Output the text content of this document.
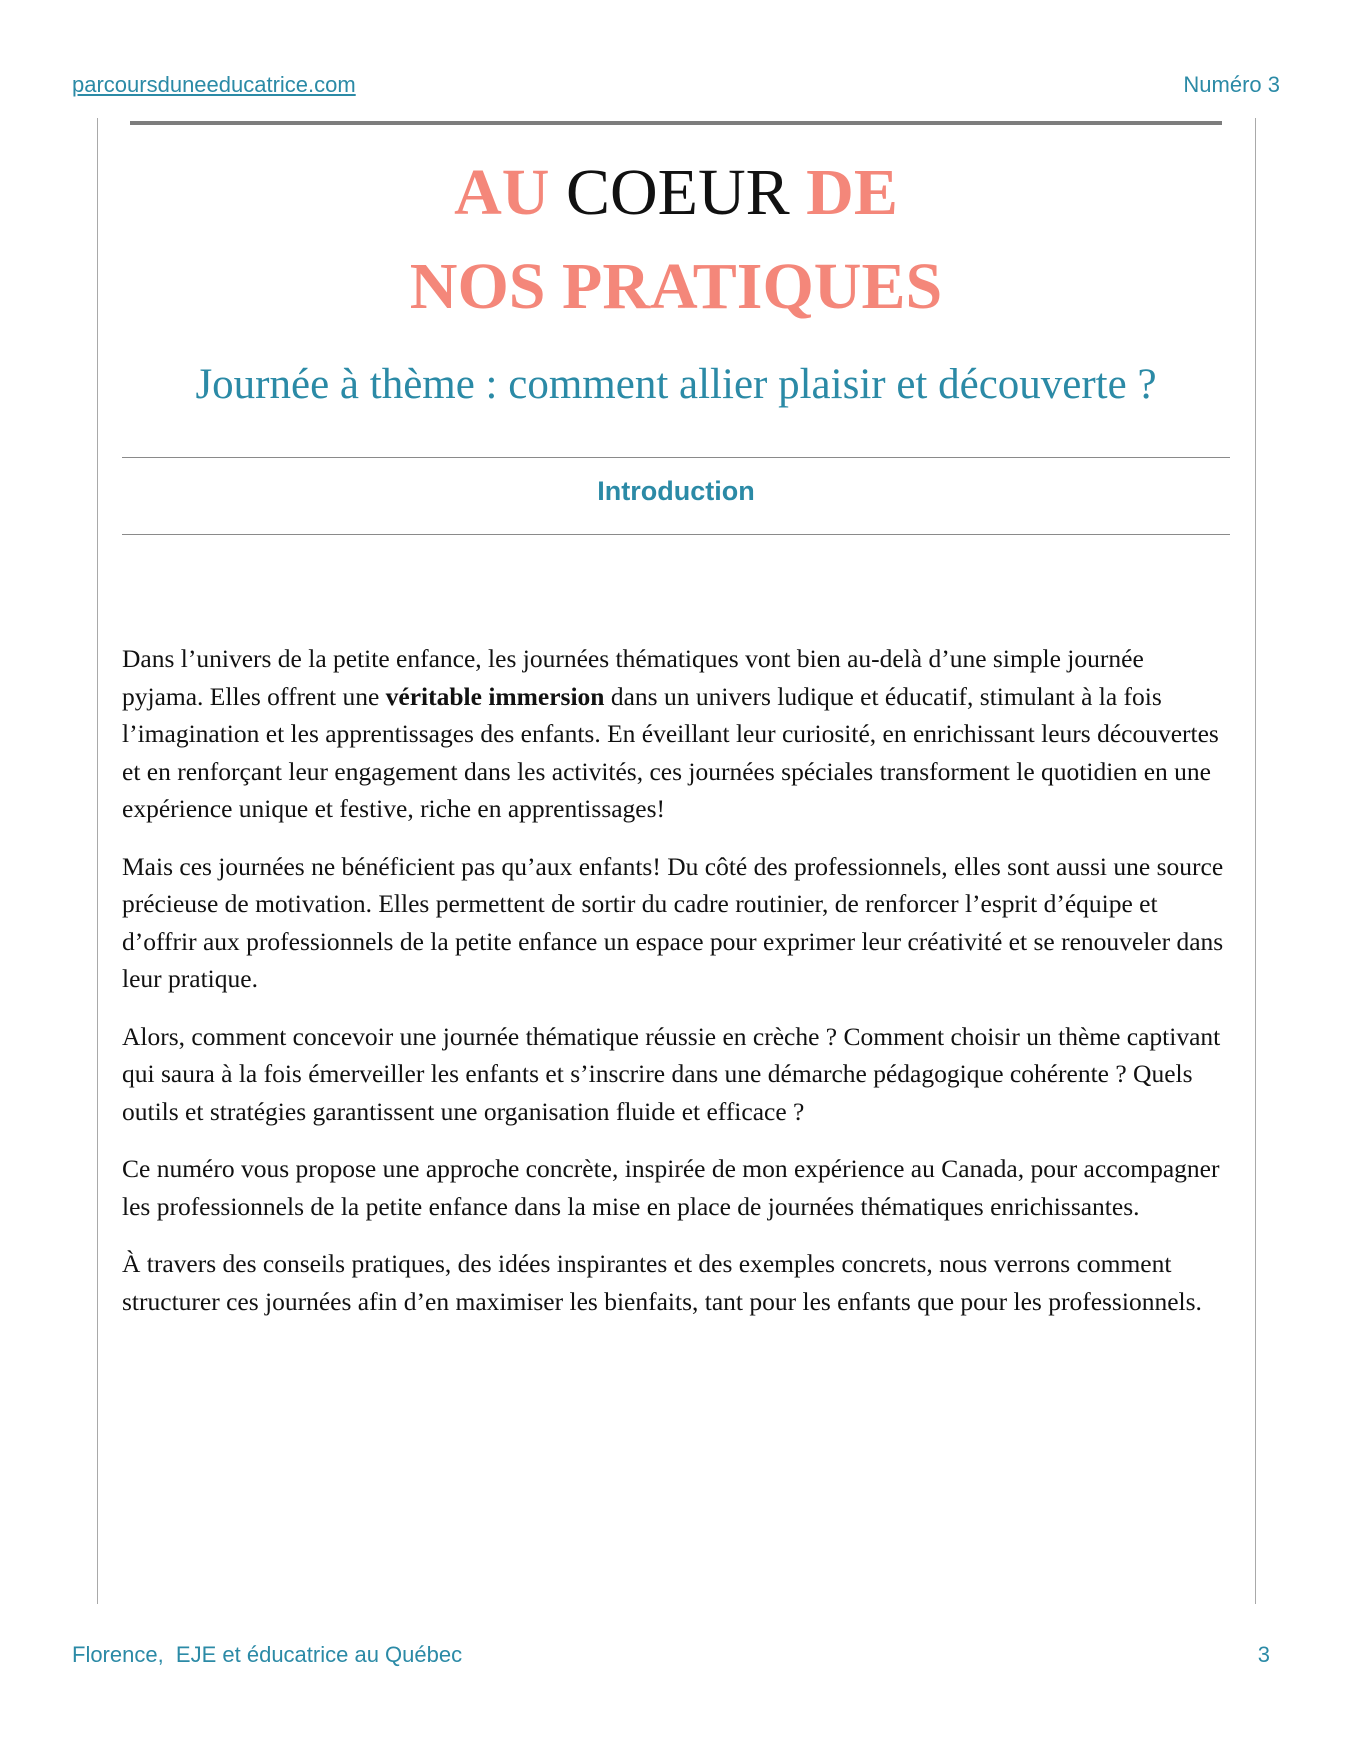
parcoursduneeducatrice.com	Numéro 3
AU COEUR DE
NOS PRATIQUES
Journée à thème : comment allier plaisir et découverte ?
Introduction

Dans l’univers de la petite enfance, les journées thématiques vont bien au-delà d’une simple journée pyjama. Elles offrent une véritable immersion dans un univers ludique et éducatif, stimulant à la fois l’imagination et les apprentissages des enfants. En éveillant leur curiosité, en enrichissant leurs découvertes et en renforçant leur engagement dans les activités, ces journées spéciales transforment le quotidien en une expérience unique et festive, riche en apprentissages!

Mais ces journées ne bénéficient pas qu’aux enfants! Du côté des professionnels, elles sont aussi une source précieuse de motivation. Elles permettent de sortir du cadre routinier, de renforcer l’esprit d’équipe et d’offrir aux professionnels de la petite enfance un espace pour exprimer leur créativité et se renouveler dans leur pratique.

Alors, comment concevoir une journée thématique réussie en crèche ? Comment choisir un thème captivant qui saura à la fois émerveiller les enfants et s’inscrire dans une démarche pédagogique cohérente ? Quels outils et stratégies garantissent une organisation fluide et efficace ?

Ce numéro vous propose une approche concrète, inspirée de mon expérience au Canada, pour accompagner les professionnels de la petite enfance dans la mise en place de journées thématiques enrichissantes.

À travers des conseils pratiques, des idées inspirantes et des exemples concrets, nous verrons comment structurer ces journées afin d’en maximiser les bienfaits, tant pour les enfants que pour les professionnels.

Florence,  EJE et éducatrice au Québec	3
